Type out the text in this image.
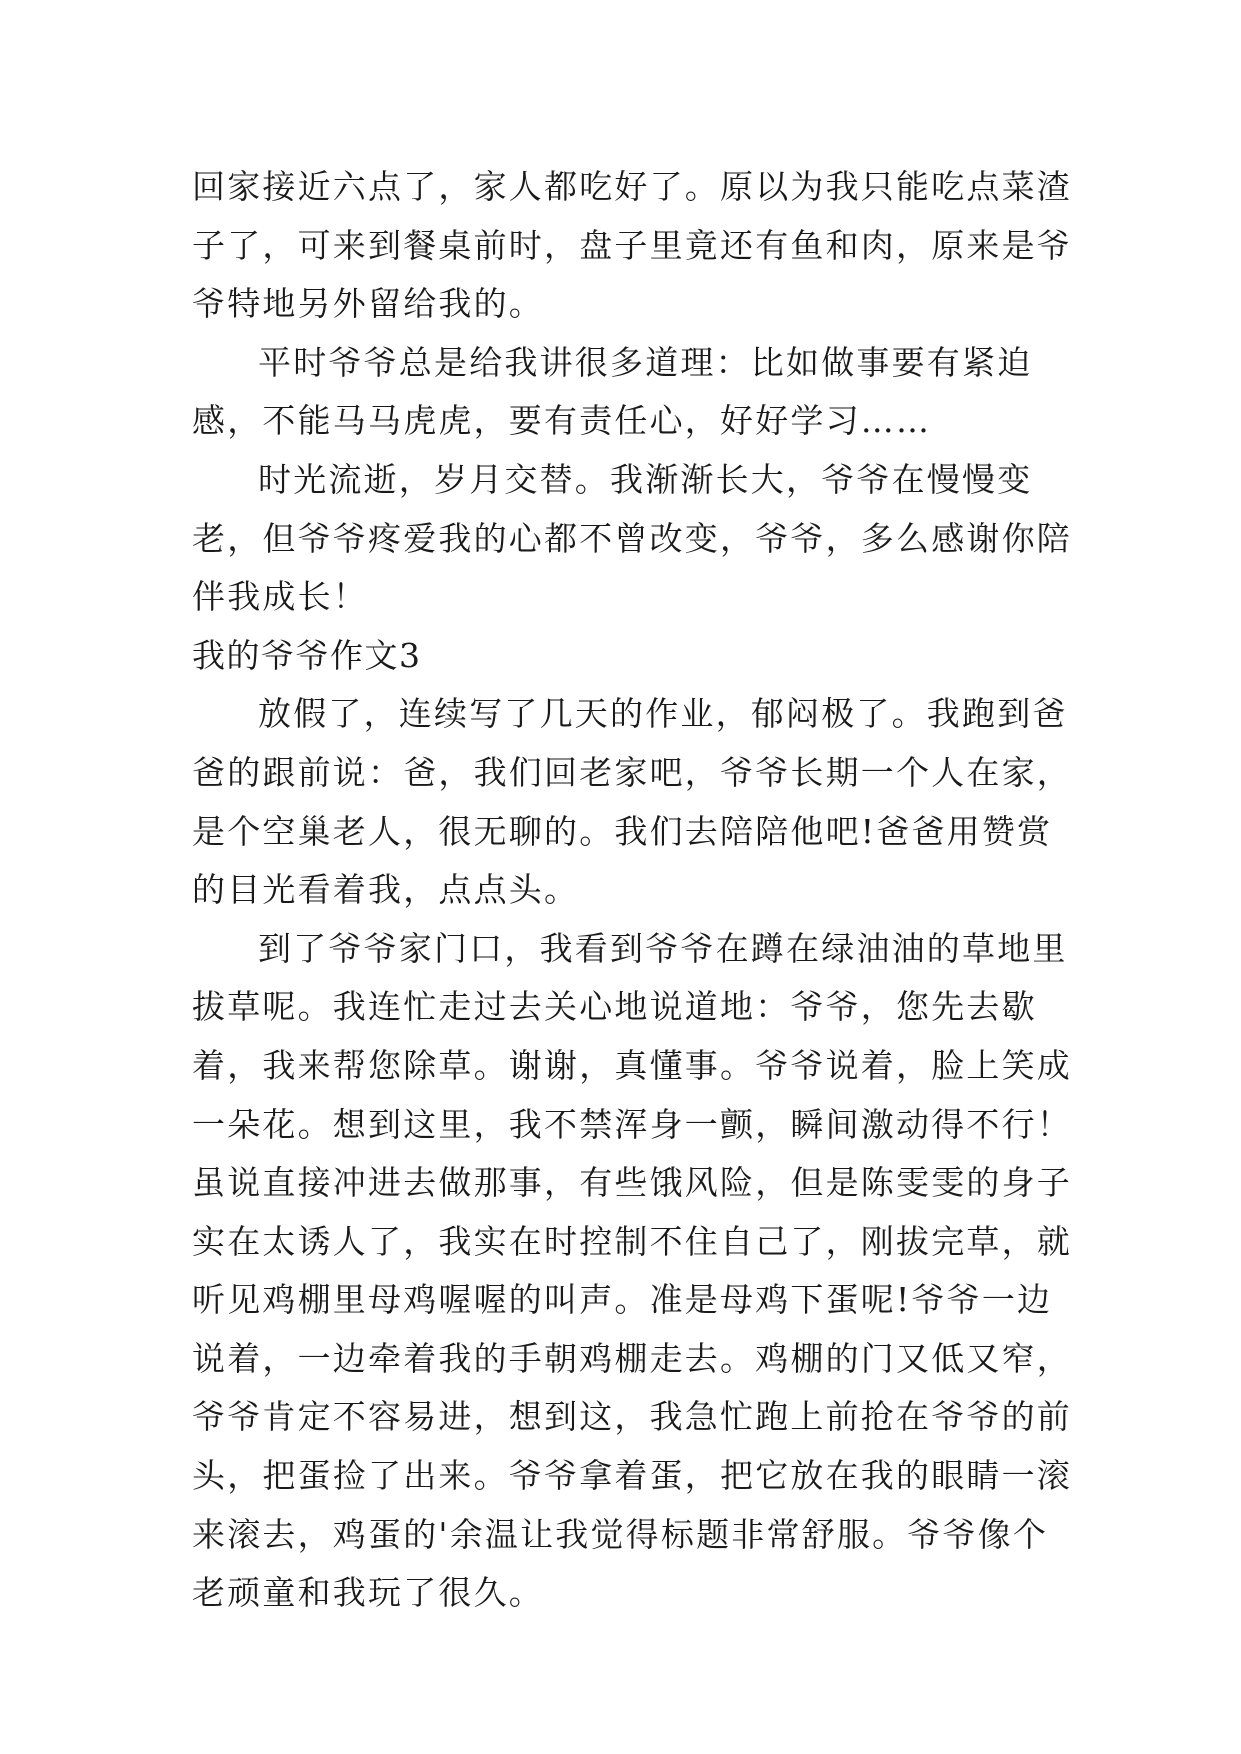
回家接近六点了，家人都吃好了。原以为我只能吃点菜渣子了，可来到餐桌前时，盘子里竟还有鱼和肉，原来是爷爷特地另外留给我的。

平时爷爷总是给我讲很多道理：比如做事要有紧迫感，不能马马虎虎，要有责任心，好好学习……

时光流逝，岁月交替。我渐渐长大，爷爷在慢慢变老，但爷爷疼爱我的心都不曾改变，爷爷，多么感谢你陪伴我成长！

我的爷爷作文3

放假了，连续写了几天的作业，郁闷极了。我跑到爸爸的跟前说：爸，我们回老家吧，爷爷长期一个人在家，是个空巢老人，很无聊的。我们去陪陪他吧!爸爸用赞赏的目光看着我，点点头。

到了爷爷家门口，我看到爷爷在蹲在绿油油的草地里拔草呢。我连忙走过去关心地说道地：爷爷，您先去歇着，我来帮您除草。谢谢，真懂事。爷爷说着，脸上笑成一朵花。想到这里，我不禁浑身一颤，瞬间激动得不行！虽说直接冲进去做那事，有些饿风险，但是陈雯雯的身子实在太诱人了，我实在时控制不住自己了，刚拔完草，就听见鸡棚里母鸡喔喔的叫声。准是母鸡下蛋呢!爷爷一边说着，一边牵着我的手朝鸡棚走去。鸡棚的门又低又窄，爷爷肯定不容易进，想到这，我急忙跑上前抢在爷爷的前头，把蛋捡了出来。爷爷拿着蛋，把它放在我的眼睛一滚来滚去，鸡蛋的'余温让我觉得标题非常舒服。爷爷像个老顽童和我玩了很久。
